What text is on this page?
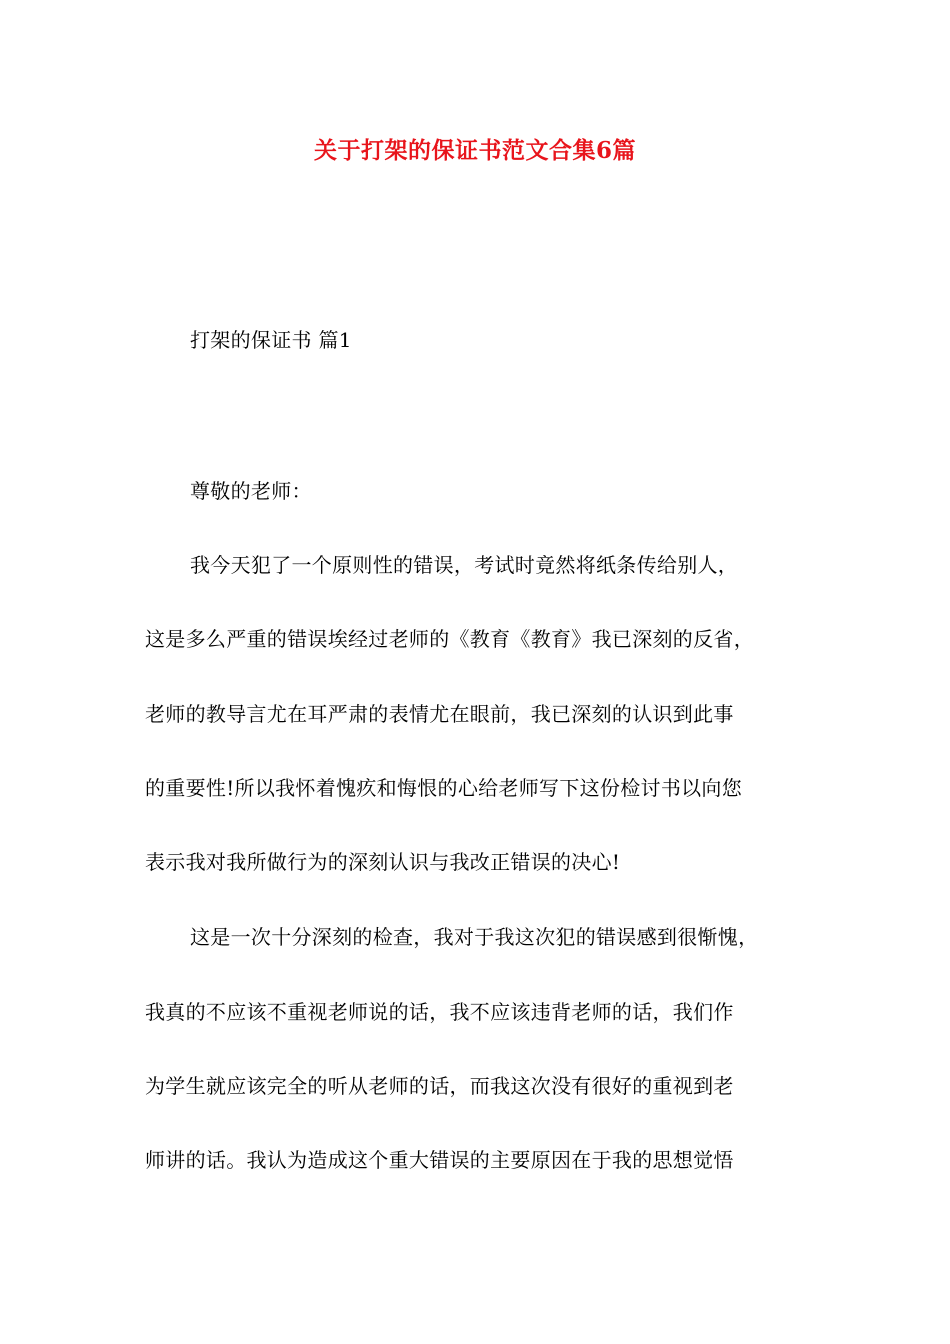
关于打架的保证书范文合集6篇
打架的保证书 篇1
尊敬的老师：
我今天犯了一个原则性的错误，考试时竟然将纸条传给别人，
这是多么严重的错误埃经过老师的《教育《教育》我已深刻的反省，
老师的教导言尤在耳严肃的表情尤在眼前，我已深刻的认识到此事
的重要性!所以我怀着愧疚和悔恨的心给老师写下这份检讨书以向您
表示我对我所做行为的深刻认识与我改正错误的决心!
这是一次十分深刻的检查，我对于我这次犯的错误感到很惭愧，
我真的不应该不重视老师说的话，我不应该违背老师的话，我们作
为学生就应该完全的听从老师的话，而我这次没有很好的重视到老
师讲的话。我认为造成这个重大错误的主要原因在于我的思想觉悟
